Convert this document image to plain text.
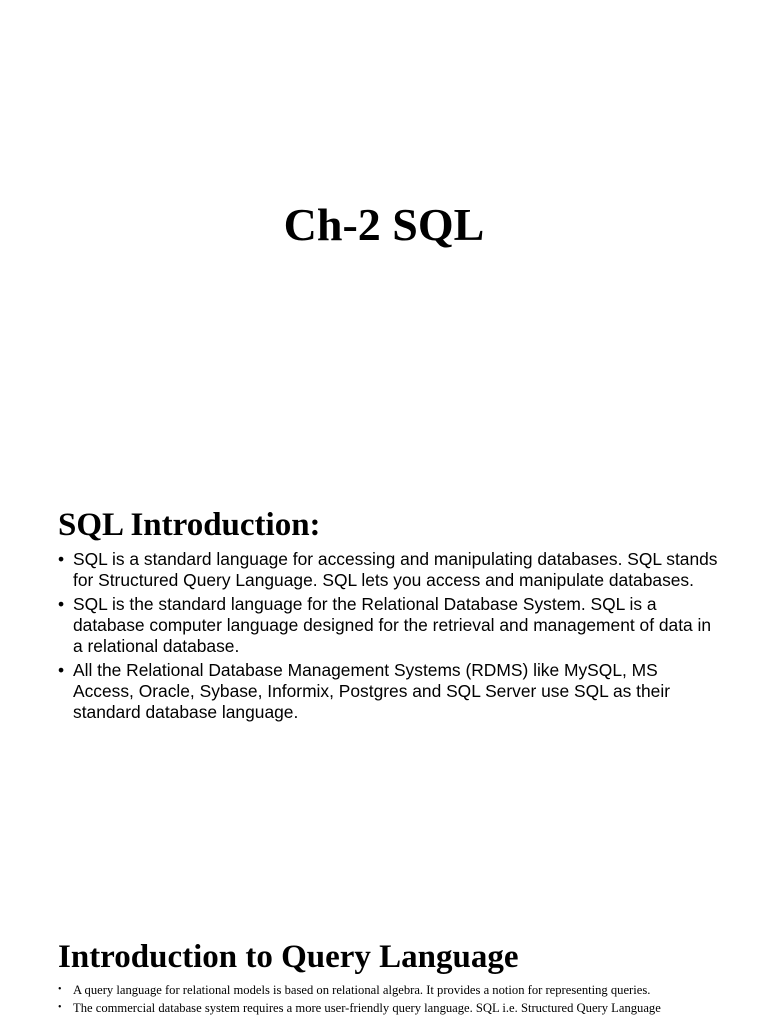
Ch-2 SQL
SQL Introduction:
• SQL is a standard language for accessing and manipulating databases. SQL stands for Structured Query Language. SQL lets you access and manipulate databases.
• SQL is the standard language for the Relational Database System. SQL is a database computer language designed for the retrieval and management of data in a relational database.
• All the Relational Database Management Systems (RDMS) like MySQL, MS Access, Oracle, Sybase, Informix, Postgres and SQL Server use SQL as their standard database language.
Introduction to Query Language
• A query language for relational models is based on relational algebra. It provides a notion for representing queries.
• The commercial database system requires a more user-friendly query language. SQL i.e. Structured Query Language
